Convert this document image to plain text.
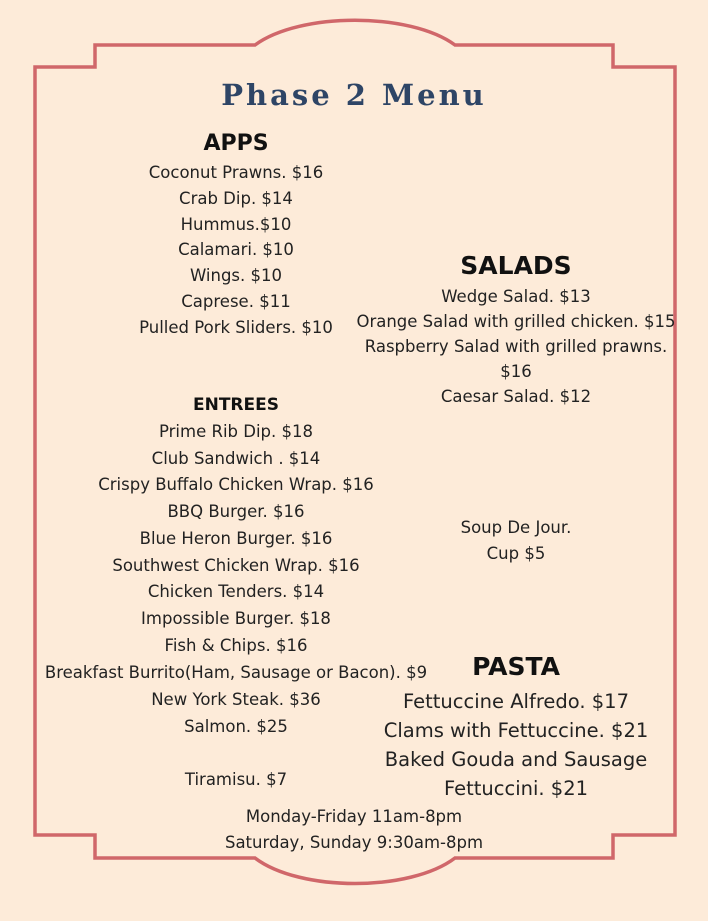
Phase 2 Menu
APPS
Coconut Prawns. $16
Crab Dip. $14
Hummus.$10
Calamari. $10
Wings. $10
Caprese. $11
Pulled Pork Sliders. $10
SALADS
Wedge Salad. $13
Orange Salad with grilled chicken. $15
Raspberry Salad with grilled prawns.
$16
Caesar Salad. $12
ENTREES
Prime Rib Dip. $18
Club Sandwich . $14
Crispy Buffalo Chicken Wrap. $16
BBQ Burger. $16
Blue Heron Burger. $16
Southwest Chicken Wrap. $16
Chicken Tenders. $14
Impossible Burger. $18
Fish & Chips. $16
Breakfast Burrito(Ham, Sausage or Bacon). $9
New York Steak. $36
Salmon. $25
Soup De Jour.
Cup $5
PASTA
Fettuccine Alfredo. $17
Clams with Fettuccine. $21
Baked Gouda and Sausage
Fettuccini. $21
Tiramisu. $7
Monday-Friday 11am-8pm
Saturday, Sunday 9:30am-8pm
